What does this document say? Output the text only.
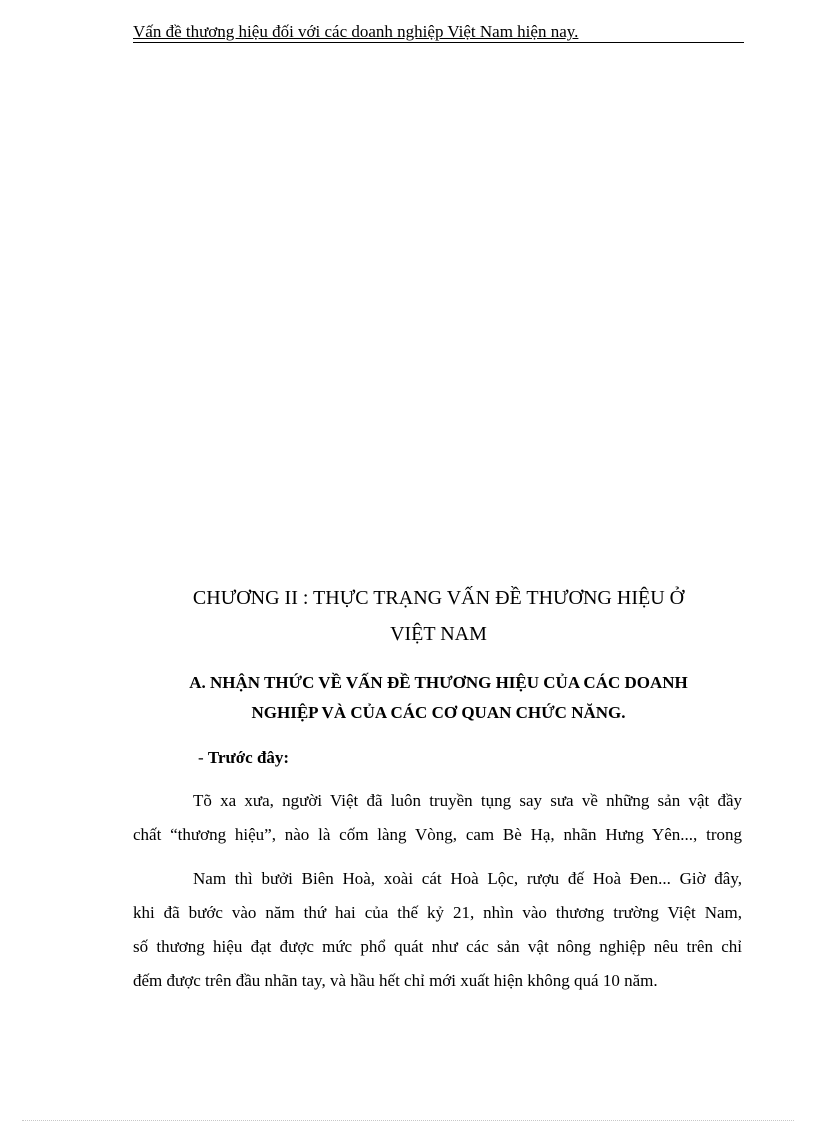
Vấn đề thương hiệu đối với các doanh nghiệp Việt Nam hiện nay.
CHƯƠNG II : THỰC TRẠNG VẤN ĐỀ THƯƠNG HIỆU Ở
VIỆT NAM
A. NHẬN THỨC VỀ VẤN ĐỀ THƯƠNG HIỆU CỦA CÁC DOANH
NGHIỆP VÀ CỦA CÁC CƠ QUAN CHỨC NĂNG.
- Trước đây:
Tõ xa xưa, người Việt đã luôn truyền tụng say sưa về những sản vật đầy
chất “thương hiệu”, nào là cốm làng Vòng, cam Bè Hạ, nhãn Hưng Yên..., trong
Nam thì bưởi Biên Hoà, xoài cát Hoà Lộc, rượu đế Hoà Đen... Giờ đây,
khi đã bước vào năm thứ hai của thế kỷ 21, nhìn vào thương trường Việt Nam,
số thương hiệu đạt được mức phổ quát như các sản vật nông nghiệp nêu trên chỉ
đếm được trên đầu nhãn tay, và hầu hết chỉ mới xuất hiện không quá 10 năm.
